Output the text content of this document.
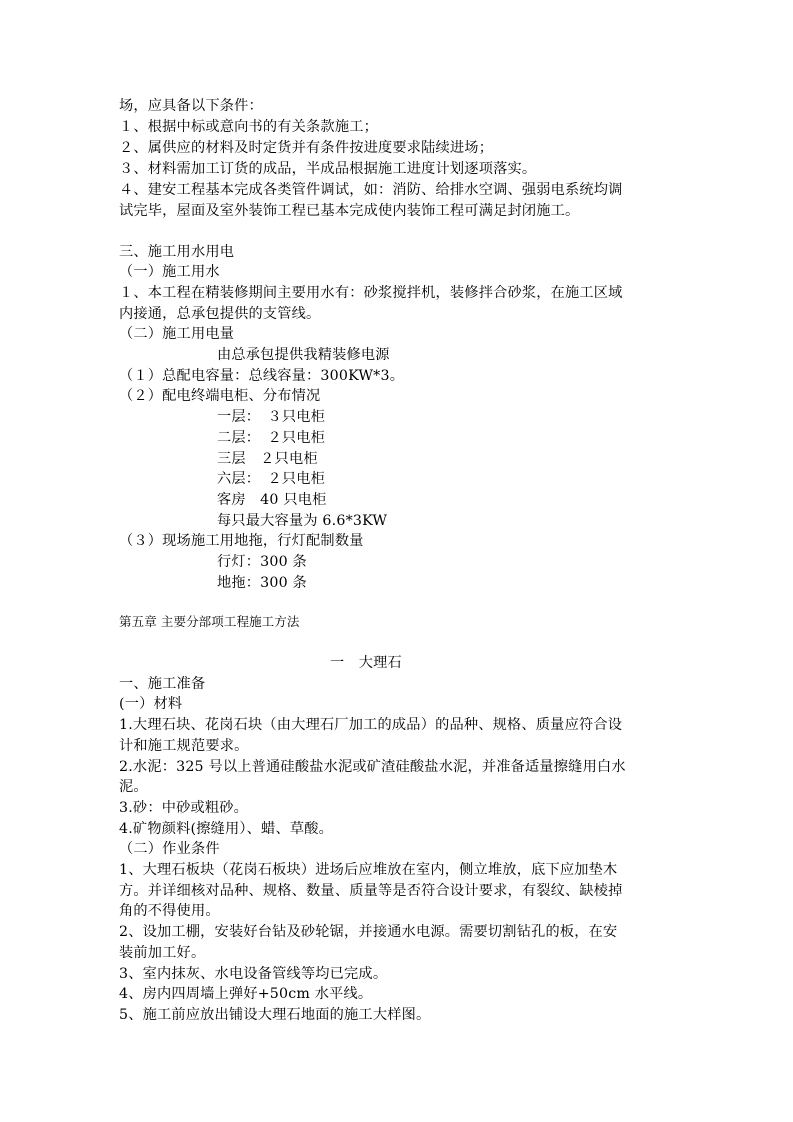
场，应具备以下条件：
１、根据中标或意向书的有关条款施工；
２、属供应的材料及时定货并有条件按进度要求陆续进场；
３、材料需加工订货的成品，半成品根据施工进度计划逐项落实。
４、建安工程基本完成各类管件调试，如：消防、给排水空调、强弱电系统均调
试完毕，屋面及室外装饰工程已基本完成使内装饰工程可满足封闭施工。
三、施工用水用电
（一）施工用水
１、本工程在精装修期间主要用水有：砂浆搅拌机，装修拌合砂浆，在施工区域
内接通，总承包提供的支管线。
（二）施工用电量
由总承包提供我精装修电源
（１）总配电容量：总线容量：300KW*3。
（２）配电终端电柜、分布情况
一层：　３只电柜
二层：　２只电柜
三层　２只电柜
六层：　２只电柜
客房　40 只电柜
每只最大容量为 6.6*3KW
（３）现场施工用地拖，行灯配制数量
行灯：300 条
地拖：300 条
第五章 主要分部项工程施工方法
一　大理石
一、施工准备
(一）材料
1.大理石块、花岗石块（由大理石厂加工的成品）的品种、规格、质量应符合设
计和施工规范要求。
2.水泥：325 号以上普通硅酸盐水泥或矿渣硅酸盐水泥，并准备适量擦缝用白水
泥。
3.砂：中砂或粗砂。
4.矿物颜料(擦缝用）、蜡、草酸。
（二）作业条件
1、大理石板块（花岗石板块）进场后应堆放在室内，侧立堆放，底下应加垫木
方。并详细核对品种、规格、数量、质量等是否符合设计要求，有裂纹、缺棱掉
角的不得使用。
2、设加工棚，安装好台钻及砂轮锯，并接通水电源。需要切割钻孔的板，在安
装前加工好。
3、室内抹灰、水电设备管线等均已完成。
4、房内四周墙上弹好+50cm 水平线。
5、施工前应放出铺设大理石地面的施工大样图。
